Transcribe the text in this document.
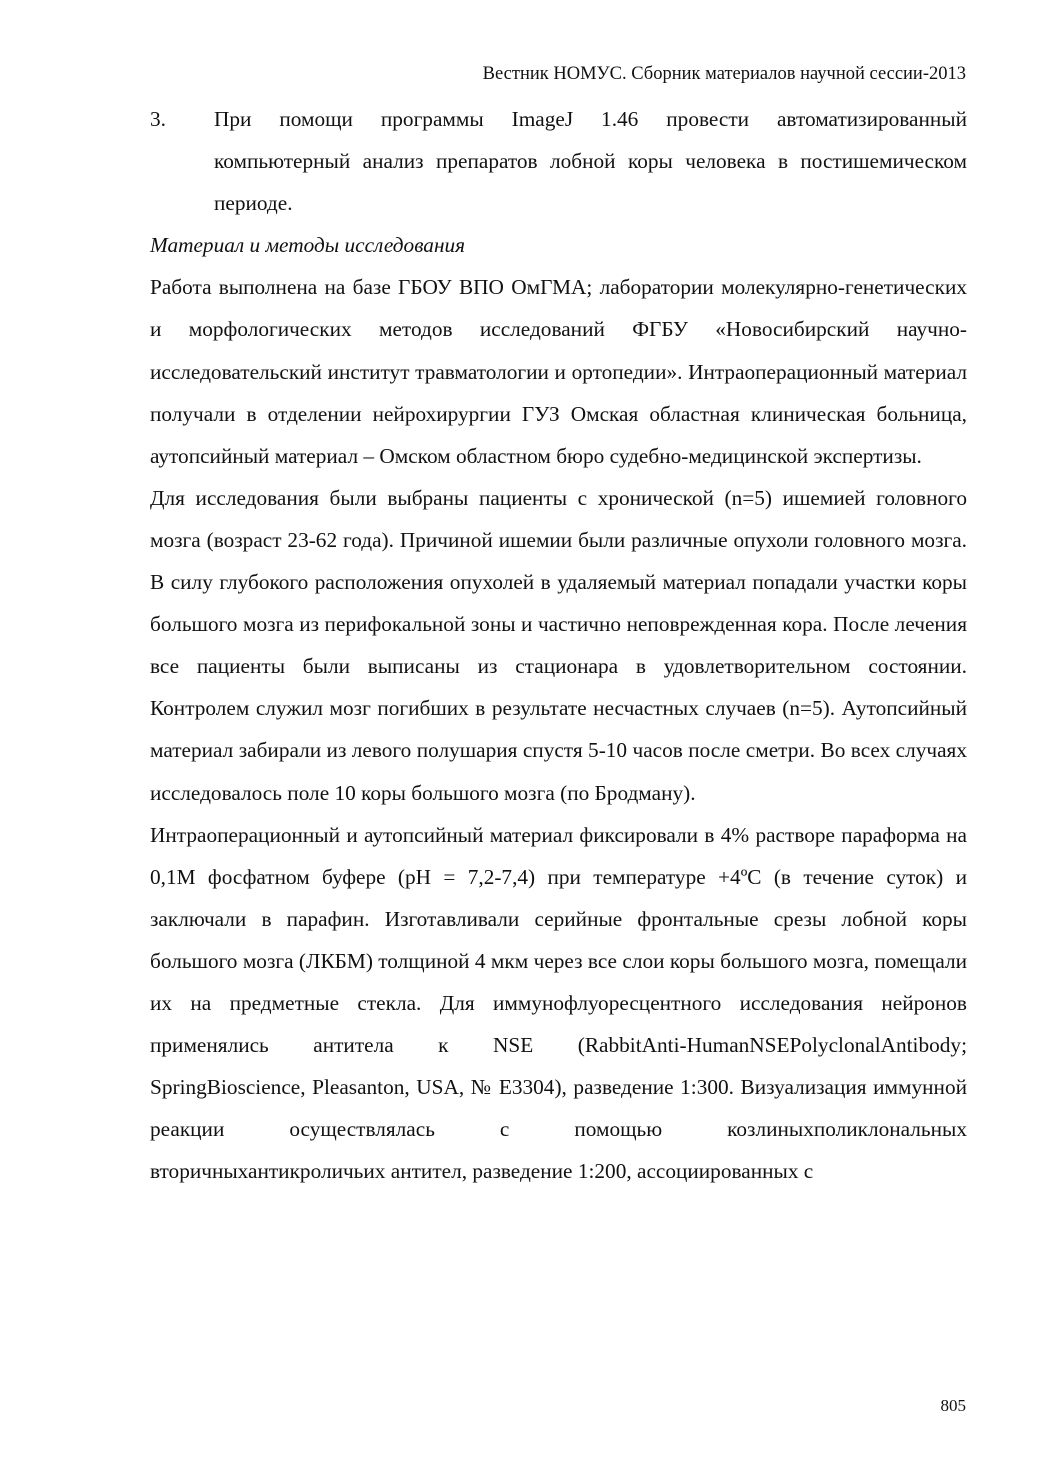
Вестник НОМУС. Сборник материалов научной сессии-2013

3.	При помощи программы ImageJ 1.46 провести автоматизированный компьютерный анализ препаратов лобной коры человека в постишемическом периоде.

Материал и методы исследования

Работа выполнена на базе ГБОУ ВПО ОмГМА; лаборатории молекулярно-генетических и морфологических методов исследований ФГБУ «Новосибирский научно-исследовательский институт травматологии и ортопедии». Интраоперационный материал получали в отделении нейрохирургии ГУЗ Омская областная клиническая больница, аутопсийный материал – Омском областном бюро судебно-медицинской экспертизы.

Для исследования были выбраны пациенты с хронической (n=5) ишемией головного мозга (возраст 23-62 года). Причиной ишемии были различные опухоли головного мозга. В силу глубокого расположения опухолей в удаляемый материал попадали участки коры большого мозга из перифокальной зоны и частично неповрежденная кора. После лечения все пациенты были выписаны из стационара в удовлетворительном состоянии. Контролем служил мозг погибших в результате несчастных случаев (n=5). Аутопсийный материал забирали из левого полушария спустя 5-10 часов после сметри. Во всех случаях исследовалось поле 10 коры большого мозга (по Бродману).

Интраоперационный и аутопсийный материал фиксировали в 4% растворе параформа на 0,1М фосфатном буфере (pH = 7,2-7,4) при температуре +4ºС (в течение суток) и заключали в парафин. Изготавливали серийные фронтальные срезы лобной коры большого мозга (ЛКБМ) толщиной 4 мкм через все слои коры большого мозга, помещали их на предметные стекла. Для иммунофлуоресцентного исследования нейронов применялись антитела к NSE (RabbitAnti-HumanNSEPolyclonalAntibody; SpringBioscience, Pleasanton, USA, № E3304), разведение 1:300. Визуализация иммунной реакции осуществлялась с помощью козлиныхполиклональных вторичныхантикроличьих антител, разведение 1:200, ассоциированных с

805
